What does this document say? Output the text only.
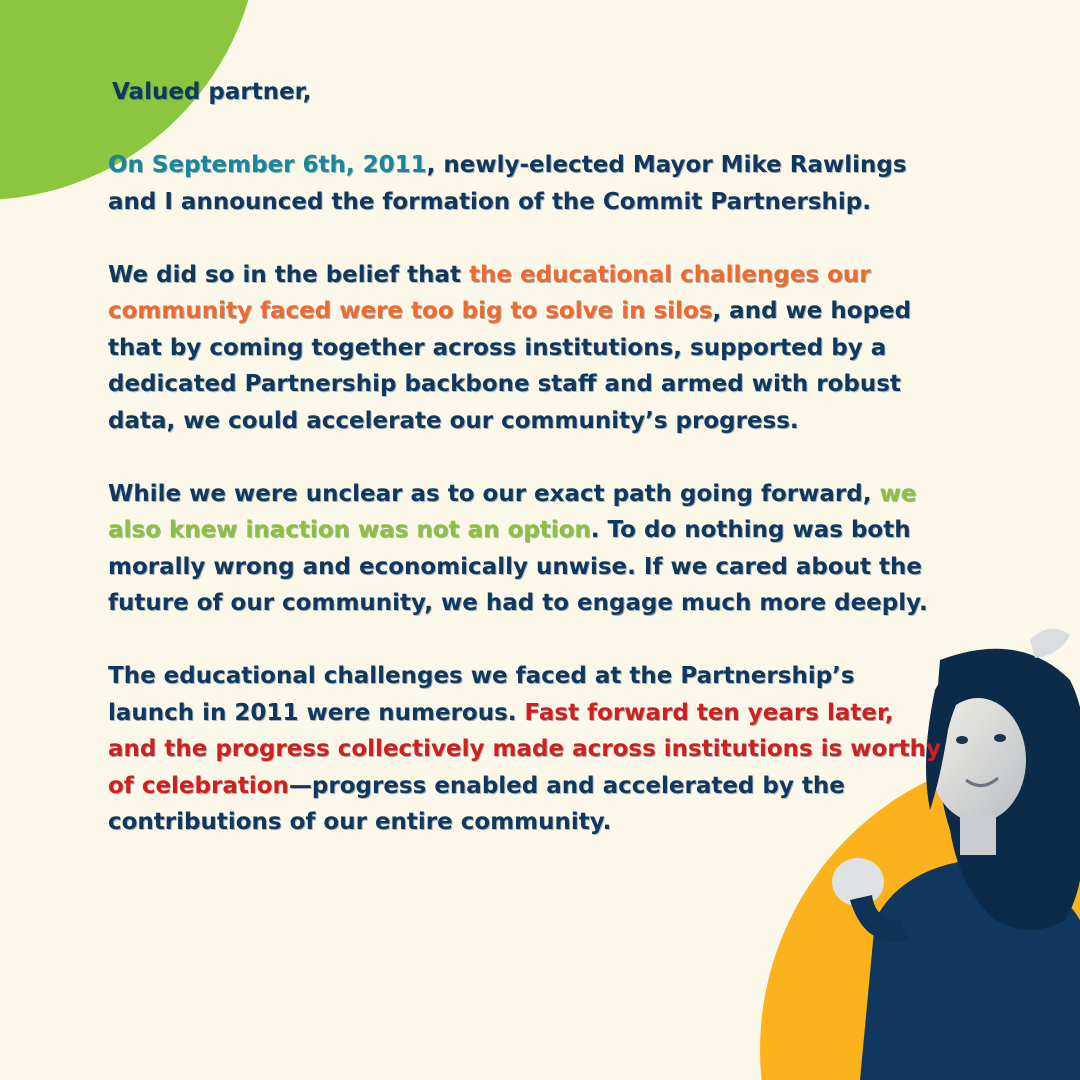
Valued partner,

On September 6th, 2011, newly-elected Mayor Mike Rawlings and I announced the formation of the Commit Partnership.

We did so in the belief that the educational challenges our community faced were too big to solve in silos, and we hoped that by coming together across institutions, supported by a dedicated Partnership backbone staff and armed with robust data, we could accelerate our community’s progress.

While we were unclear as to our exact path going forward, we also knew inaction was not an option. To do nothing was both morally wrong and economically unwise. If we cared about the future of our community, we had to engage much more deeply.

The educational challenges we faced at the Partnership’s launch in 2011 were numerous. Fast forward ten years later, and the progress collectively made across institutions is worthy of celebration—progress enabled and accelerated by the contributions of our entire community.
